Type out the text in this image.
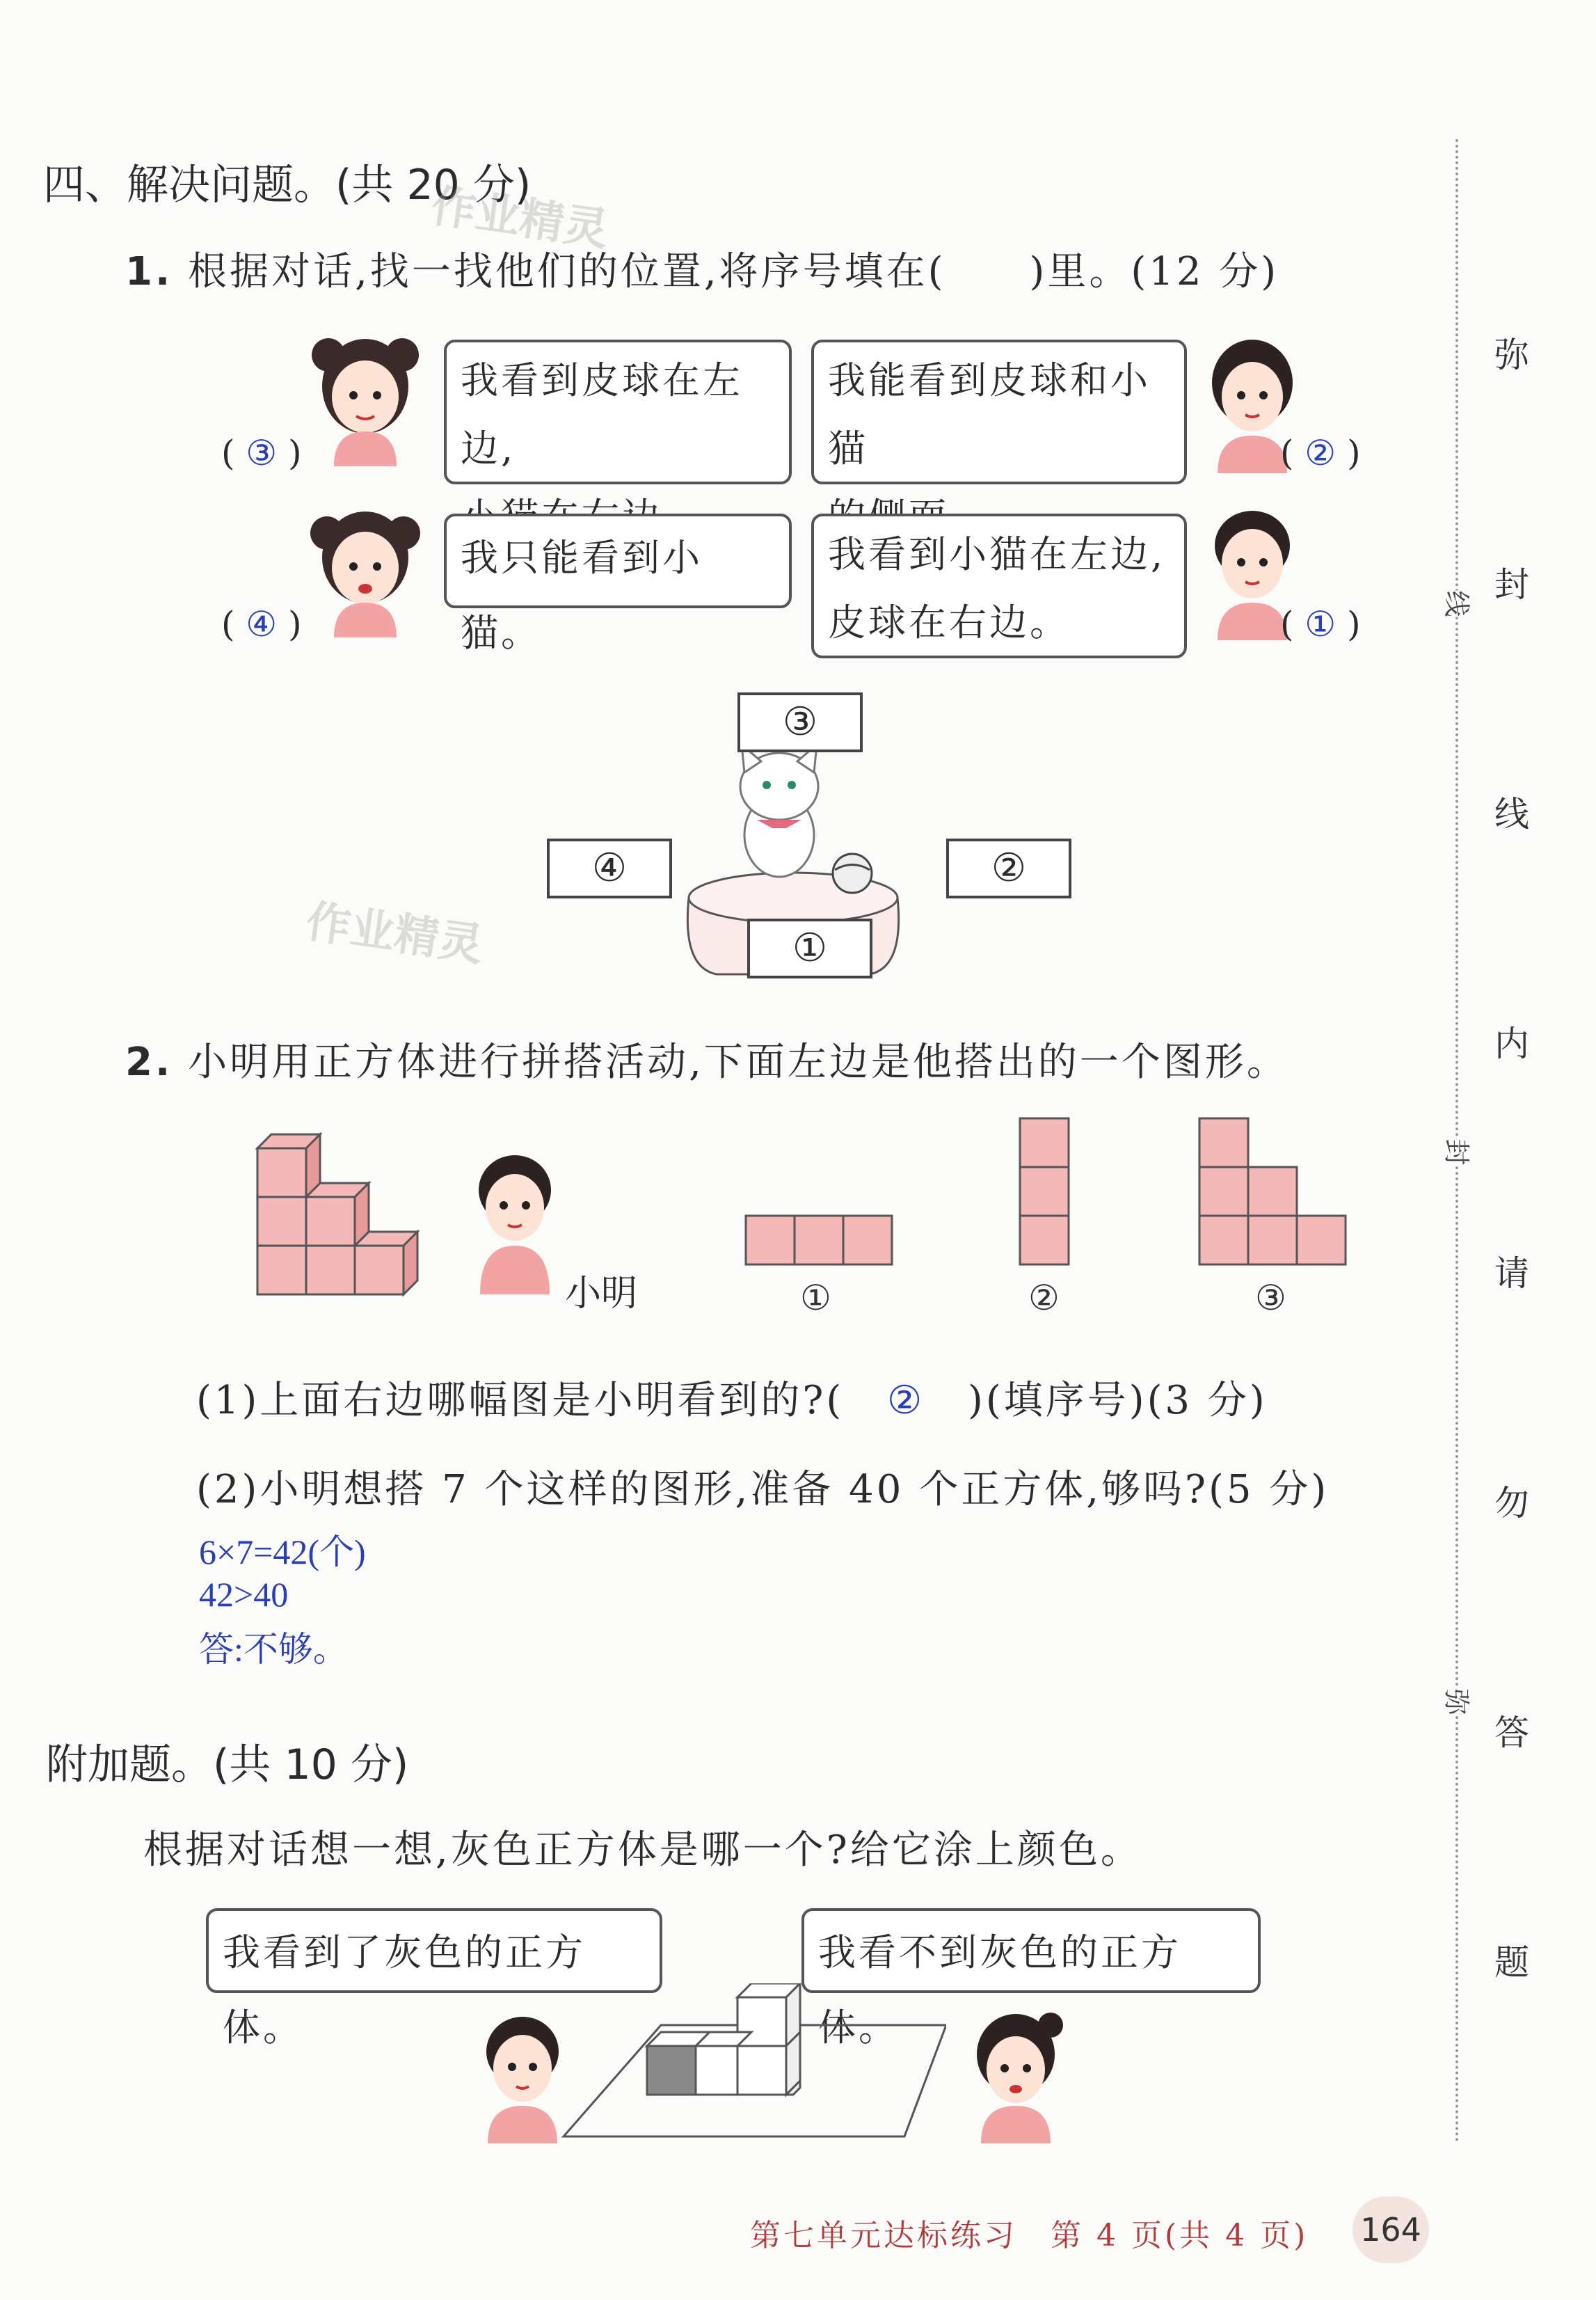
四、解决问题。(共 20 分)
作业精灵
1. 根据对话,找一找他们的位置,将序号填在(　　)里。(12 分)
( ③ )
我看到皮球在左边,
我能看到皮球和小猫	( ② )
( ④ )
我只能看到小猫。
我看到小猫在左边,
皮球在右边。	( ① )
③
④	②
①
作业精灵
2. 小明用正方体进行拼搭活动,下面左边是他搭出的一个图形。
小明	①	②	③
(1)上面右边哪幅图是小明看到的?( ② )(填序号)(3 分)
(2)小明想搭 7 个这样的图形,准备 40 个正方体,够吗?(5 分)
6×7=42(个)
42>40
答:不够。
附加题。(共 10 分)
根据对话想一想,灰色正方体是哪一个?给它涂上颜色。
我看到了灰色的正方体。
我看不到灰色的正方体。
弥
封
线
内
请
勿
答
题
线
封
弥
第七单元达标练习　第 4 页(共 4 页) 164
